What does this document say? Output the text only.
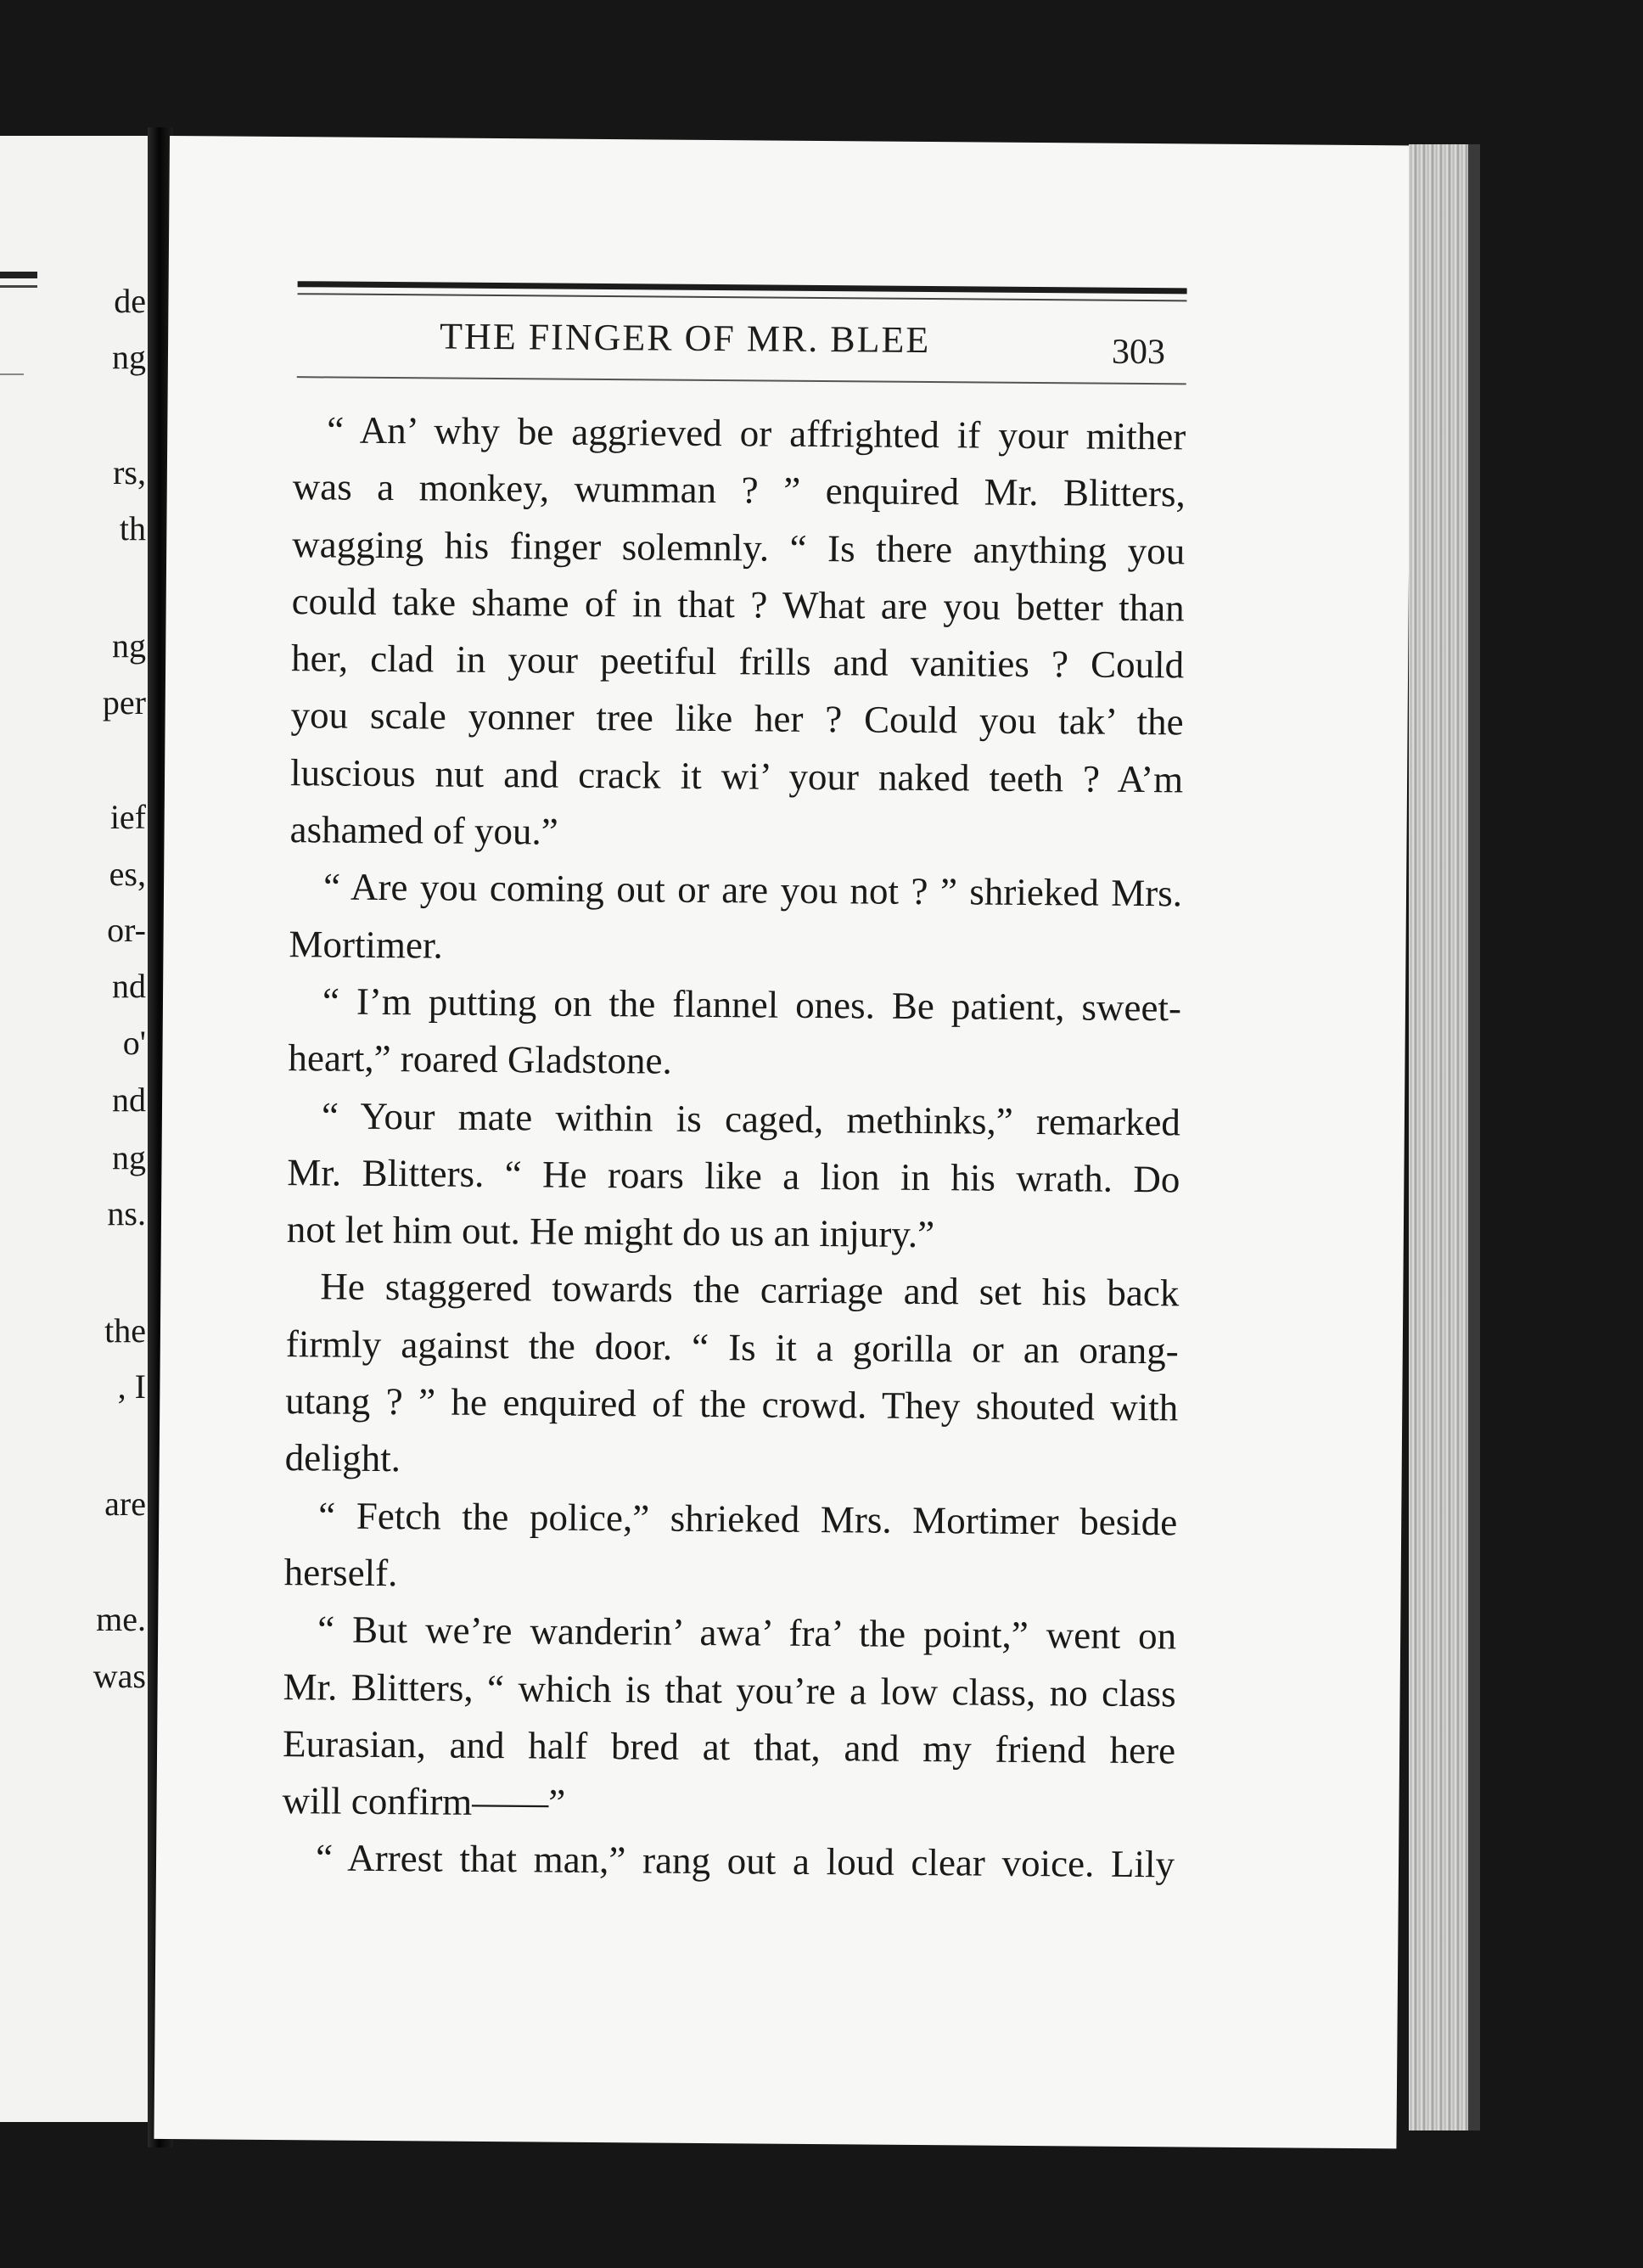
de
ng
rs,
th
ng
per
ief
es,
or-
nd
o'
nd
ng
ns.
the
, I
are
me.
was
THE FINGER OF MR. BLEE	303
“ An’ why be aggrieved or affrighted if your mither
was a monkey, wumman ? ” enquired Mr. Blitters,
wagging his finger solemnly. “ Is there anything you
could take shame of in that ? What are you better than
her, clad in your peetiful frills and vanities ? Could
you scale yonner tree like her ? Could you tak’ the
luscious nut and crack it wi’ your naked teeth ? A’m
ashamed of you.”
“ Are you coming out or are you not ? ” shrieked Mrs.
Mortimer.
“ I’m putting on the flannel ones. Be patient, sweet-
heart,” roared Gladstone.
“ Your mate within is caged, methinks,” remarked
Mr. Blitters. “ He roars like a lion in his wrath. Do
not let him out. He might do us an injury.”
He staggered towards the carriage and set his back
firmly against the door. “ Is it a gorilla or an orang-
utang ? ” he enquired of the crowd. They shouted with
delight.
“ Fetch the police,” shrieked Mrs. Mortimer beside
herself.
“ But we’re wanderin’ awa’ fra’ the point,” went on
Mr. Blitters, “ which is that you’re a low class, no class
Eurasian, and half bred at that, and my friend here
will confirm——”
“ Arrest that man,” rang out a loud clear voice. Lily
